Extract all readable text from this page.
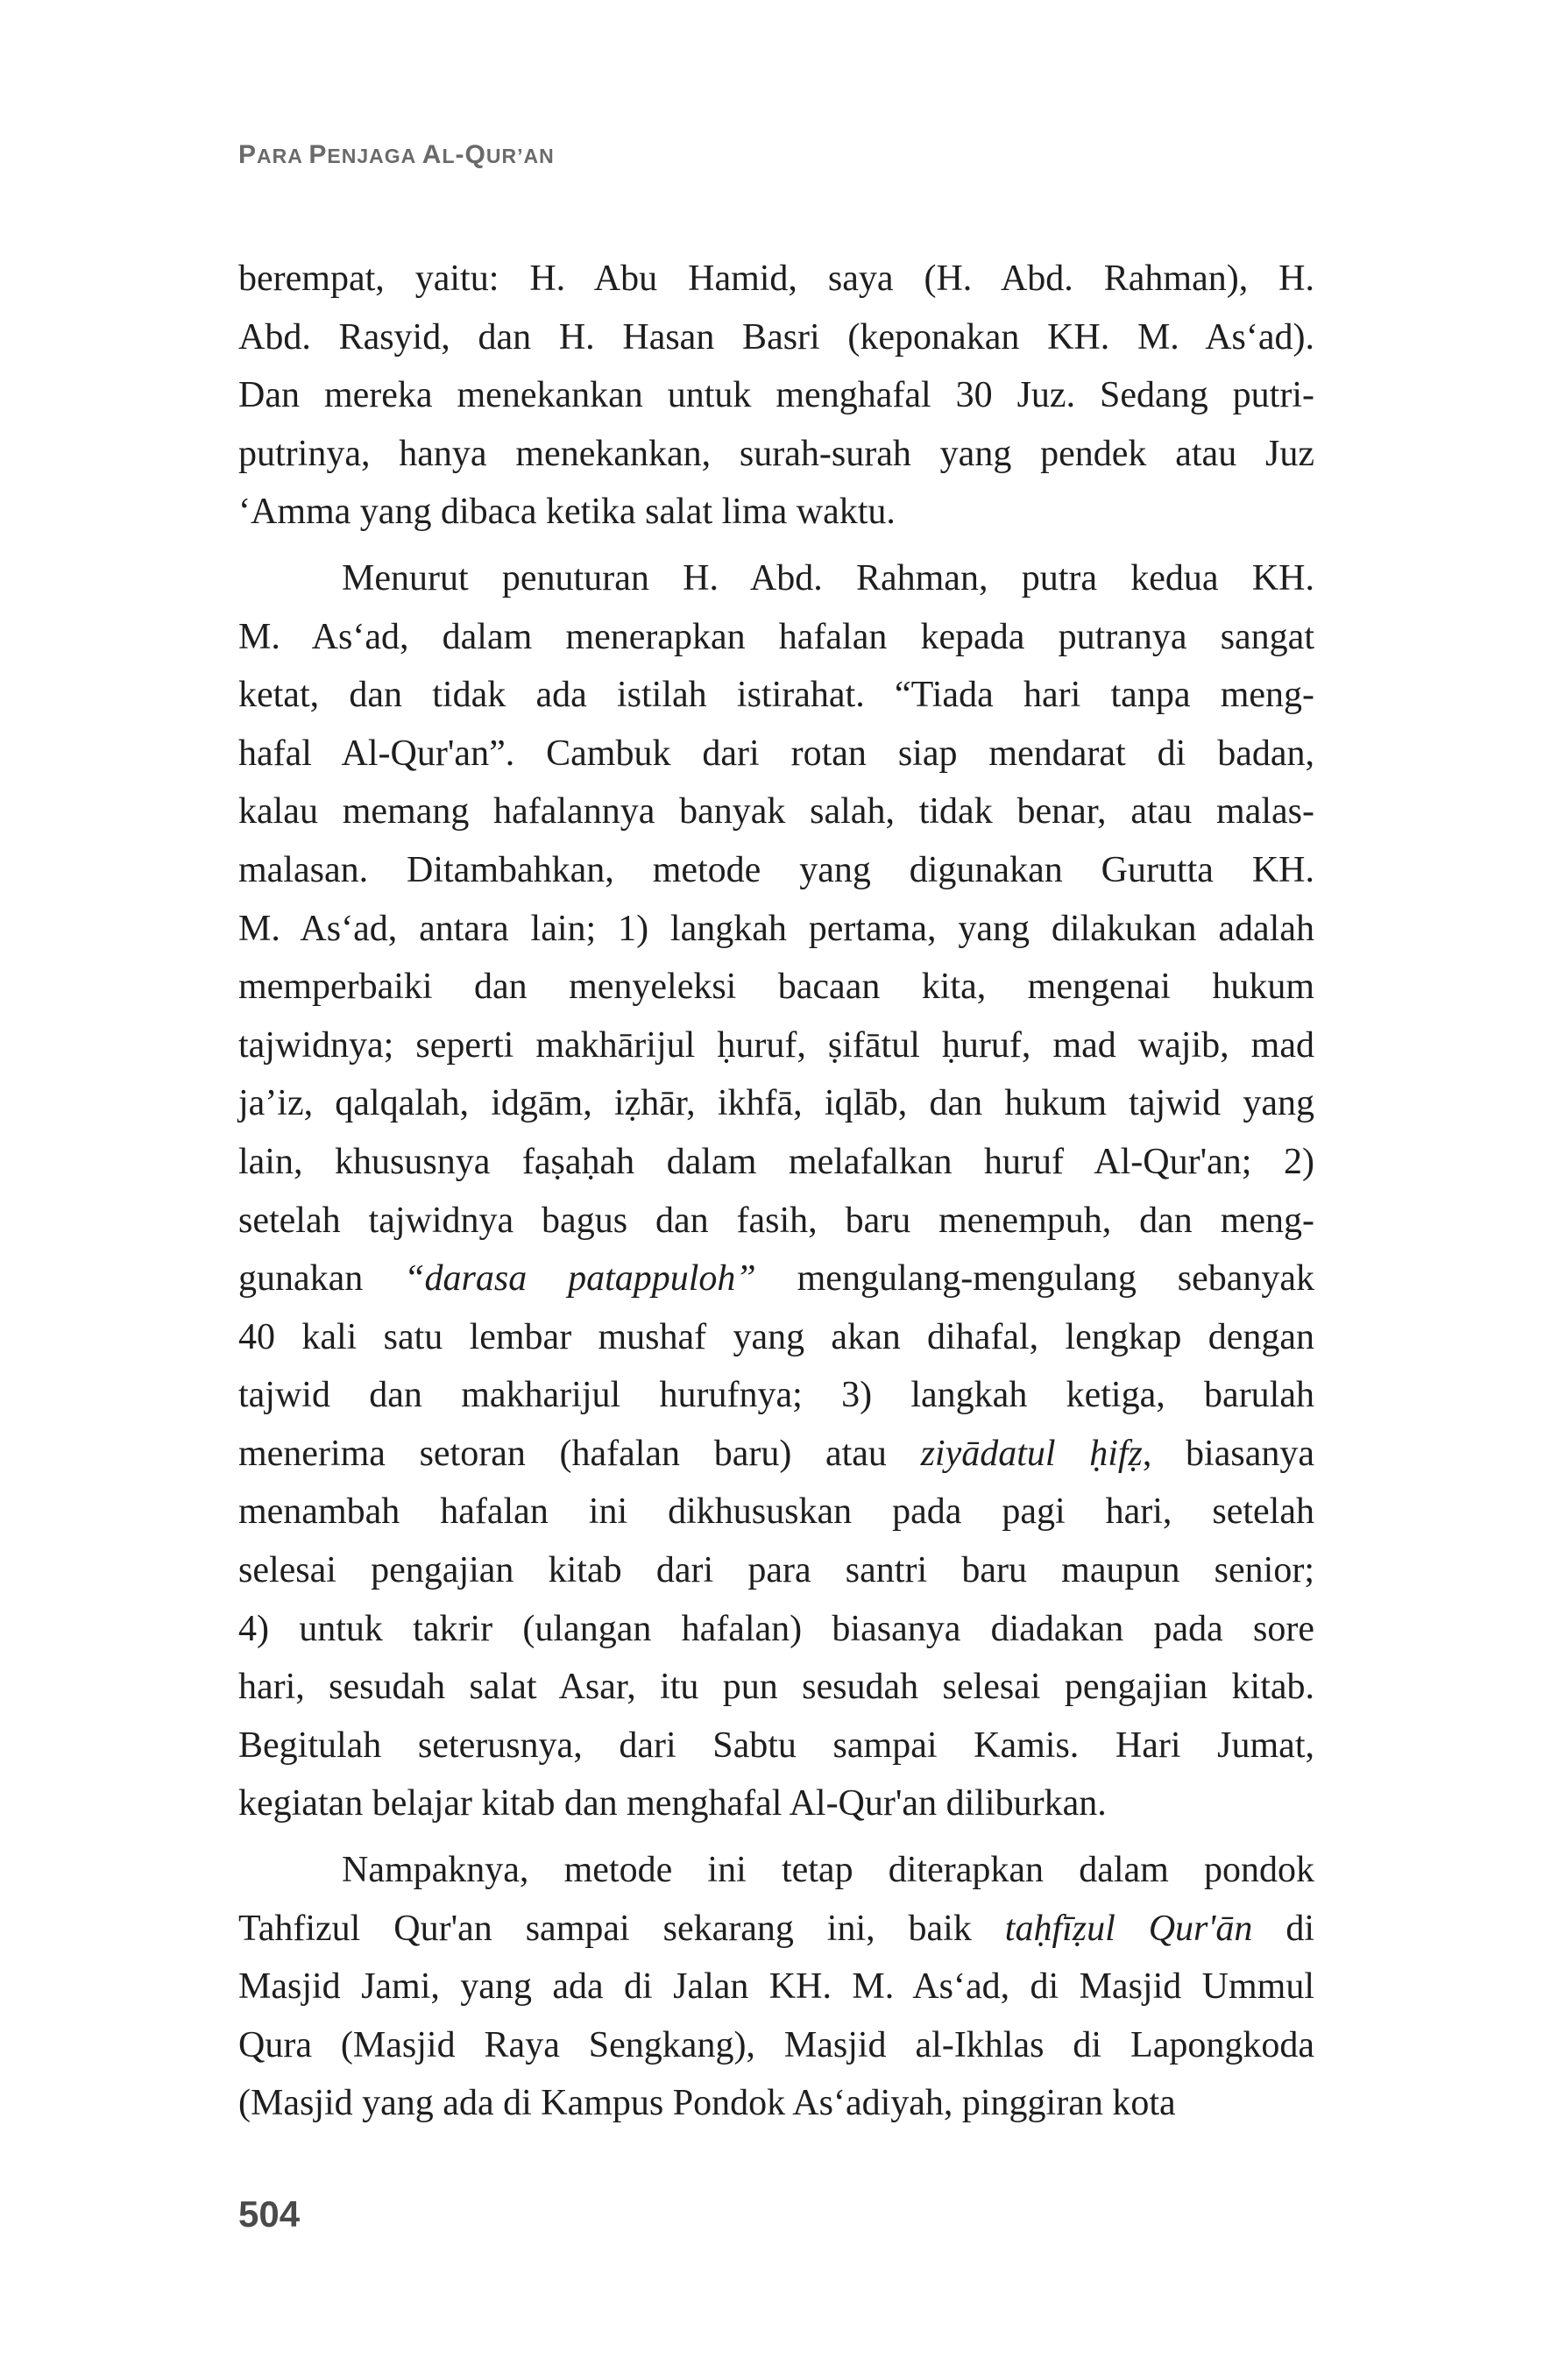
PARA PENJAGA AL-QUR’AN
berempat, yaitu: H. Abu Hamid, saya (H. Abd. Rahman), H.
Abd. Rasyid, dan H. Hasan Basri (keponakan KH. M. As‘ad).
Dan mereka menekankan untuk menghafal 30 Juz. Sedang putri-
putrinya, hanya menekankan, surah-surah yang pendek atau Juz
‘Amma yang dibaca ketika salat lima waktu.
Menurut penuturan H. Abd. Rahman, putra kedua KH.
M. As‘ad, dalam menerapkan hafalan kepada putranya sangat
ketat, dan tidak ada istilah istirahat. “Tiada hari tanpa meng-
hafal Al-Qur'an”. Cambuk dari rotan siap mendarat di badan,
kalau memang hafalannya banyak salah, tidak benar, atau malas-
malasan. Ditambahkan, metode yang digunakan Gurutta KH.
M. As‘ad, antara lain; 1) langkah pertama, yang dilakukan adalah
memperbaiki dan menyeleksi bacaan kita, mengenai hukum
tajwidnya; seperti makhārijul ḥuruf, ṣifātul ḥuruf, mad wajib, mad
ja’iz, qalqalah, idgām, iẓhār, ikhfā, iqlāb, dan hukum tajwid yang
lain, khususnya faṣaḥah dalam melafalkan huruf Al-Qur'an; 2)
setelah tajwidnya bagus dan fasih, baru menempuh, dan meng-
gunakan “darasa patappuloh” mengulang-mengulang sebanyak
40 kali satu lembar mushaf yang akan dihafal, lengkap dengan
tajwid dan makharijul hurufnya; 3) langkah ketiga, barulah
menerima setoran (hafalan baru) atau ziyādatul ḥifẓ, biasanya
menambah hafalan ini dikhususkan pada pagi hari, setelah
selesai pengajian kitab dari para santri baru maupun senior;
4) untuk takrir (ulangan hafalan) biasanya diadakan pada sore
hari, sesudah salat Asar, itu pun sesudah selesai pengajian kitab.
Begitulah seterusnya, dari Sabtu sampai Kamis. Hari Jumat,
kegiatan belajar kitab dan menghafal Al-Qur'an diliburkan.
Nampaknya, metode ini tetap diterapkan dalam pondok
Tahfizul Qur'an sampai sekarang ini, baik taḥfīẓul Qur'ān di
Masjid Jami, yang ada di Jalan KH. M. As‘ad, di Masjid Ummul
Qura (Masjid Raya Sengkang), Masjid al-Ikhlas di Lapongkoda
(Masjid yang ada di Kampus Pondok As‘adiyah, pinggiran kota
504
